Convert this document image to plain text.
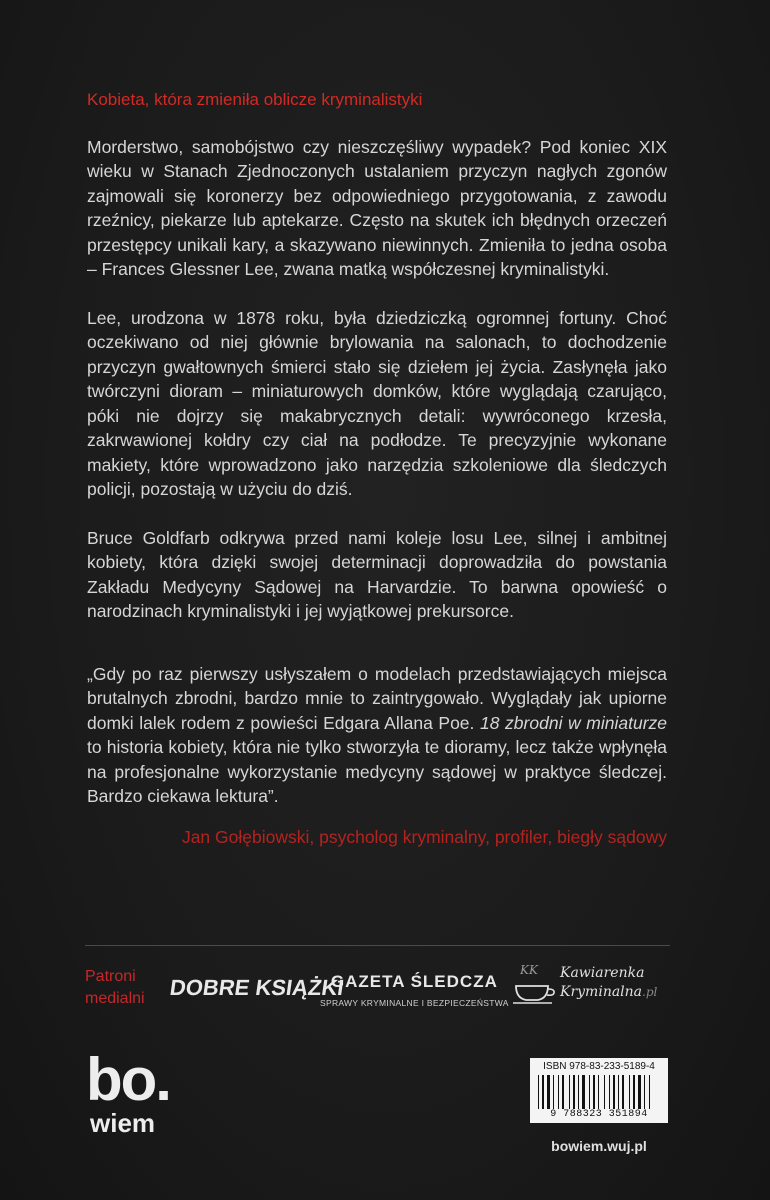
Kobieta, która zmieniła oblicze kryminalistyki

Morderstwo, samobójstwo czy nieszczęśliwy wypadek? Pod koniec XIX wieku w Stanach Zjednoczonych ustalaniem przyczyn nagłych zgonów zajmowali się koronerzy bez odpowiedniego przygotowania, z zawodu rzeźnicy, piekarze lub aptekarze. Często na skutek ich błędnych orzeczeń przestępcy unikali kary, a skazywano niewinnych. Zmieniła to jedna osoba – Frances Glessner Lee, zwana matką współczesnej kryminalistyki.

Lee, urodzona w 1878 roku, była dziedziczką ogromnej fortuny. Choć oczekiwano od niej głównie brylowania na salonach, to dochodzenie przyczyn gwałtownych śmierci stało się dziełem jej życia. Zasłynęła jako twórczyni dioram – miniaturowych domków, które wyglądają czarująco, póki nie dojrzy się makabrycznych detali: wywróconego krzesła, zakrwawionej kołdry czy ciał na podłodze. Te precyzyjnie wykonane makiety, które wprowadzono jako narzędzia szkoleniowe dla śledczych policji, pozostają w użyciu do dziś.

Bruce Goldfarb odkrywa przed nami koleje losu Lee, silnej i ambitnej kobiety, która dzięki swojej determinacji doprowadziła do powstania Zakładu Medycyny Sądowej na Harvardzie. To barwna opowieść o narodzinach kryminalistyki i jej wyjątkowej prekursorce.

„Gdy po raz pierwszy usłyszałem o modelach przedstawiających miejsca brutalnych zbrodni, bardzo mnie to zaintrygowało. Wyglądały jak upiorne domki lalek rodem z powieści Edgara Allana Poe. 18 zbrodni w miniaturze to historia kobiety, która nie tylko stworzyła te dioramy, lecz także wpłynęła na profesjonalne wykorzystanie medycyny sądowej w praktyce śledczej. Bardzo ciekawa lektura”.

Jan Gołębiowski, psycholog kryminalny, profiler, biegły sądowy
Patroni
medialni DOBRE KSIĄŻKI
GAZETA ŚLEDCZA
SPRAWY KRYMINALNE I BEZPIECZEŃSTWA
KK Kawiarenka
Kryminalna.pl
bo.
wiem
ISBN 978-83-233-5189-4
9 788323 351894
bowiem.wuj.pl
